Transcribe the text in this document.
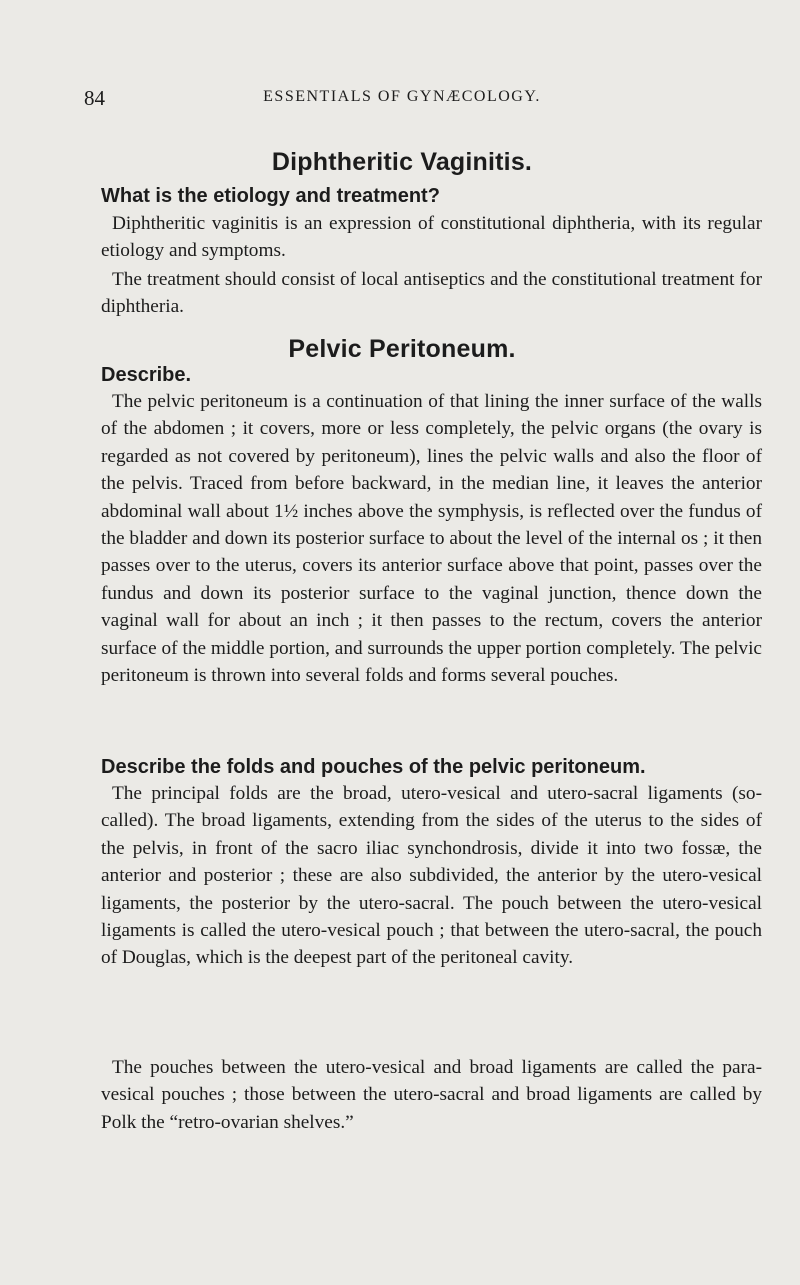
84	ESSENTIALS OF GYNÆCOLOGY.
Diphtheritic Vaginitis.
What is the etiology and treatment?

Diphtheritic vaginitis is an expression of constitutional diphtheria, with its regular etiology and symptoms.

The treatment should consist of local antiseptics and the constitutional treatment for diphtheria.

Pelvic Peritoneum.
Describe.

The pelvic peritoneum is a continuation of that lining the inner surface of the walls of the abdomen ; it covers, more or less completely, the pelvic organs (the ovary is regarded as not covered by peritoneum), lines the pelvic walls and also the floor of the pelvis. Traced from before backward, in the median line, it leaves the anterior abdominal wall about 1½ inches above the symphysis, is reflected over the fundus of the bladder and down its posterior surface to about the level of the internal os ; it then passes over to the uterus, covers its anterior surface above that point, passes over the fundus and down its posterior surface to the vaginal junction, thence down the vaginal wall for about an inch ; it then passes to the rectum, covers the anterior surface of the middle portion, and surrounds the upper portion completely. The pelvic peritoneum is thrown into several folds and forms several pouches.

Describe the folds and pouches of the pelvic peritoneum.

The principal folds are the broad, utero-vesical and utero-sacral ligaments (so-called). The broad ligaments, extending from the sides of the uterus to the sides of the pelvis, in front of the sacro iliac synchondrosis, divide it into two fossæ, the anterior and posterior ; these are also subdivided, the anterior by the utero-vesical ligaments, the posterior by the utero-sacral. The pouch between the utero-vesical ligaments is called the utero-vesical pouch ; that between the utero-sacral, the pouch of Douglas, which is the deepest part of the peritoneal cavity.

The pouches between the utero-vesical and broad ligaments are called the para-vesical pouches ; those between the utero-sacral and broad ligaments are called by Polk the “retro-ovarian shelves.”
